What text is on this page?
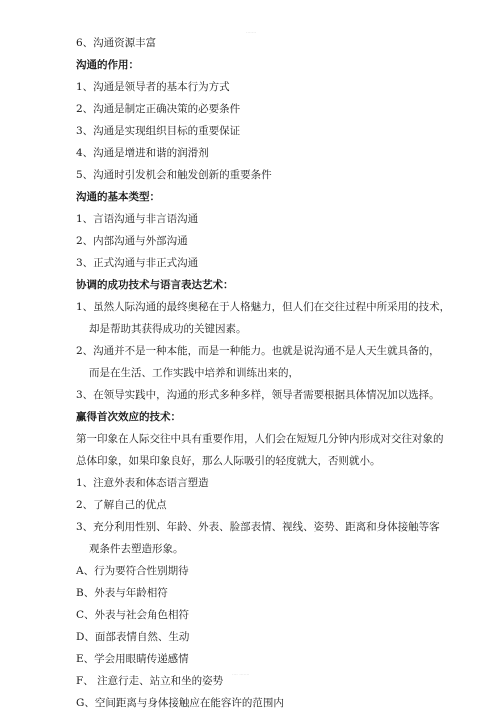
·······
6、沟通资源丰富
沟通的作用：
1、沟通是领导者的基本行为方式
2、沟通是制定正确决策的必要条件
3、沟通是实现组织目标的重要保证
4、沟通是增进和谐的润滑剂
5、沟通时引发机会和触发创新的重要条件
沟通的基本类型：
1、言语沟通与非言语沟通
2、内部沟通与外部沟通
3、正式沟通与非正式沟通
协调的成功技术与语言表达艺术：
1、虽然人际沟通的最终奥秘在于人格魅力，但人们在交往过程中所采用的技术，
却是帮助其获得成功的关键因素。
2、沟通并不是一种本能，而是一种能力。也就是说沟通不是人天生就具备的，
而是在生活、工作实践中培养和训练出来的，
3、在领导实践中，沟通的形式多种多样，领导者需要根据具体情况加以选择。
赢得首次效应的技术：
第一印象在人际交往中具有重要作用，人们会在短短几分钟内形成对交往对象的
总体印象，如果印象良好，那么人际吸引的轻度就大，否则就小。
1、注意外表和体态语言塑造
2、了解自己的优点
3、充分利用性别、年龄、外表、脸部表情、视线、姿势、距离和身体接触等客
观条件去塑造形象。
A、行为要符合性别期待
B、外表与年龄相符
C、外表与社会角色相符
D、面部表情自然、生动
E、学会用眼睛传递感情
F、 注意行走、站立和坐的姿势
G、空间距离与身体接触应在能容许的范围内
···· ·······
